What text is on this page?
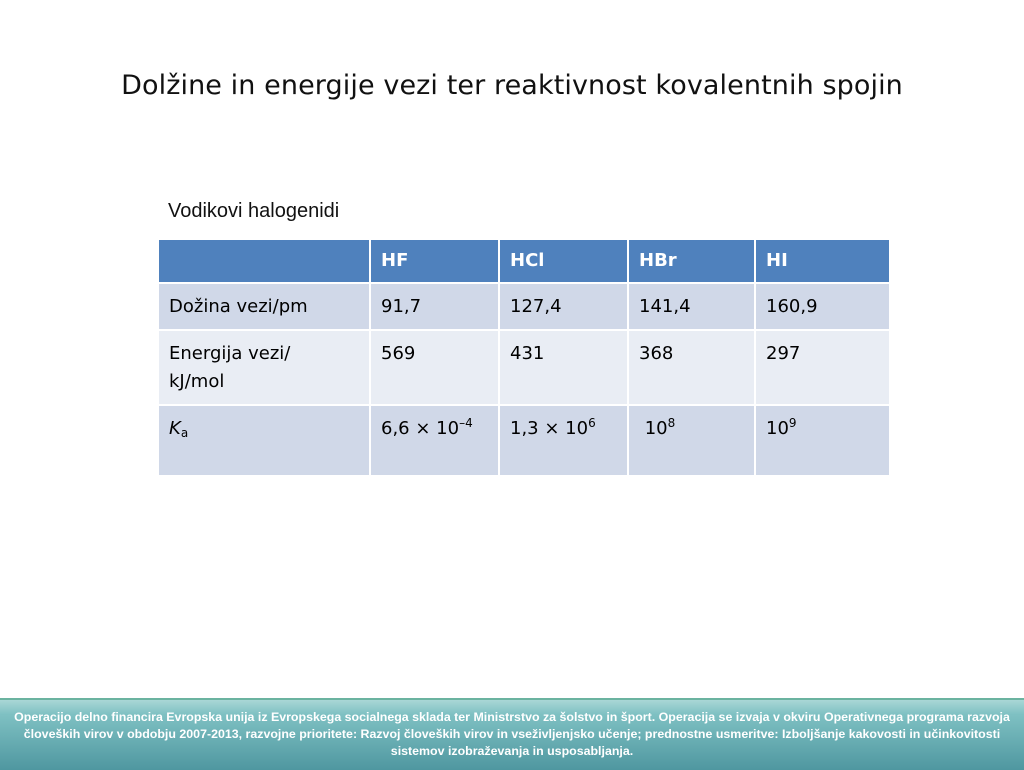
Dolžine in energije vezi ter reaktivnost kovalentnih spojin
Vodikovi halogenidi
	HF	HCl	HBr	HI
Dožina vezi/pm	91,7	127,4	141,4	160,9
Energija vezi/ kJ/mol	569	431	368	297
$K_a$	$6,6 \times 10^{-4}$	$1,3 \times 10^6$	$10^8$	$10^9$
Operacijo delno financira Evropska unija iz Evropskega socialnega sklada ter Ministrstvo za šolstvo in šport. Operacija se izvaja v okviru Operativnega programa razvoja človeških virov v obdobju 2007-2013, razvojne prioritete: Razvoj človeških virov in vseživljenjsko učenje; prednostne usmeritve: Izboljšanje kakovosti in učinkovitosti sistemov izobraževanja in usposabljanja.
